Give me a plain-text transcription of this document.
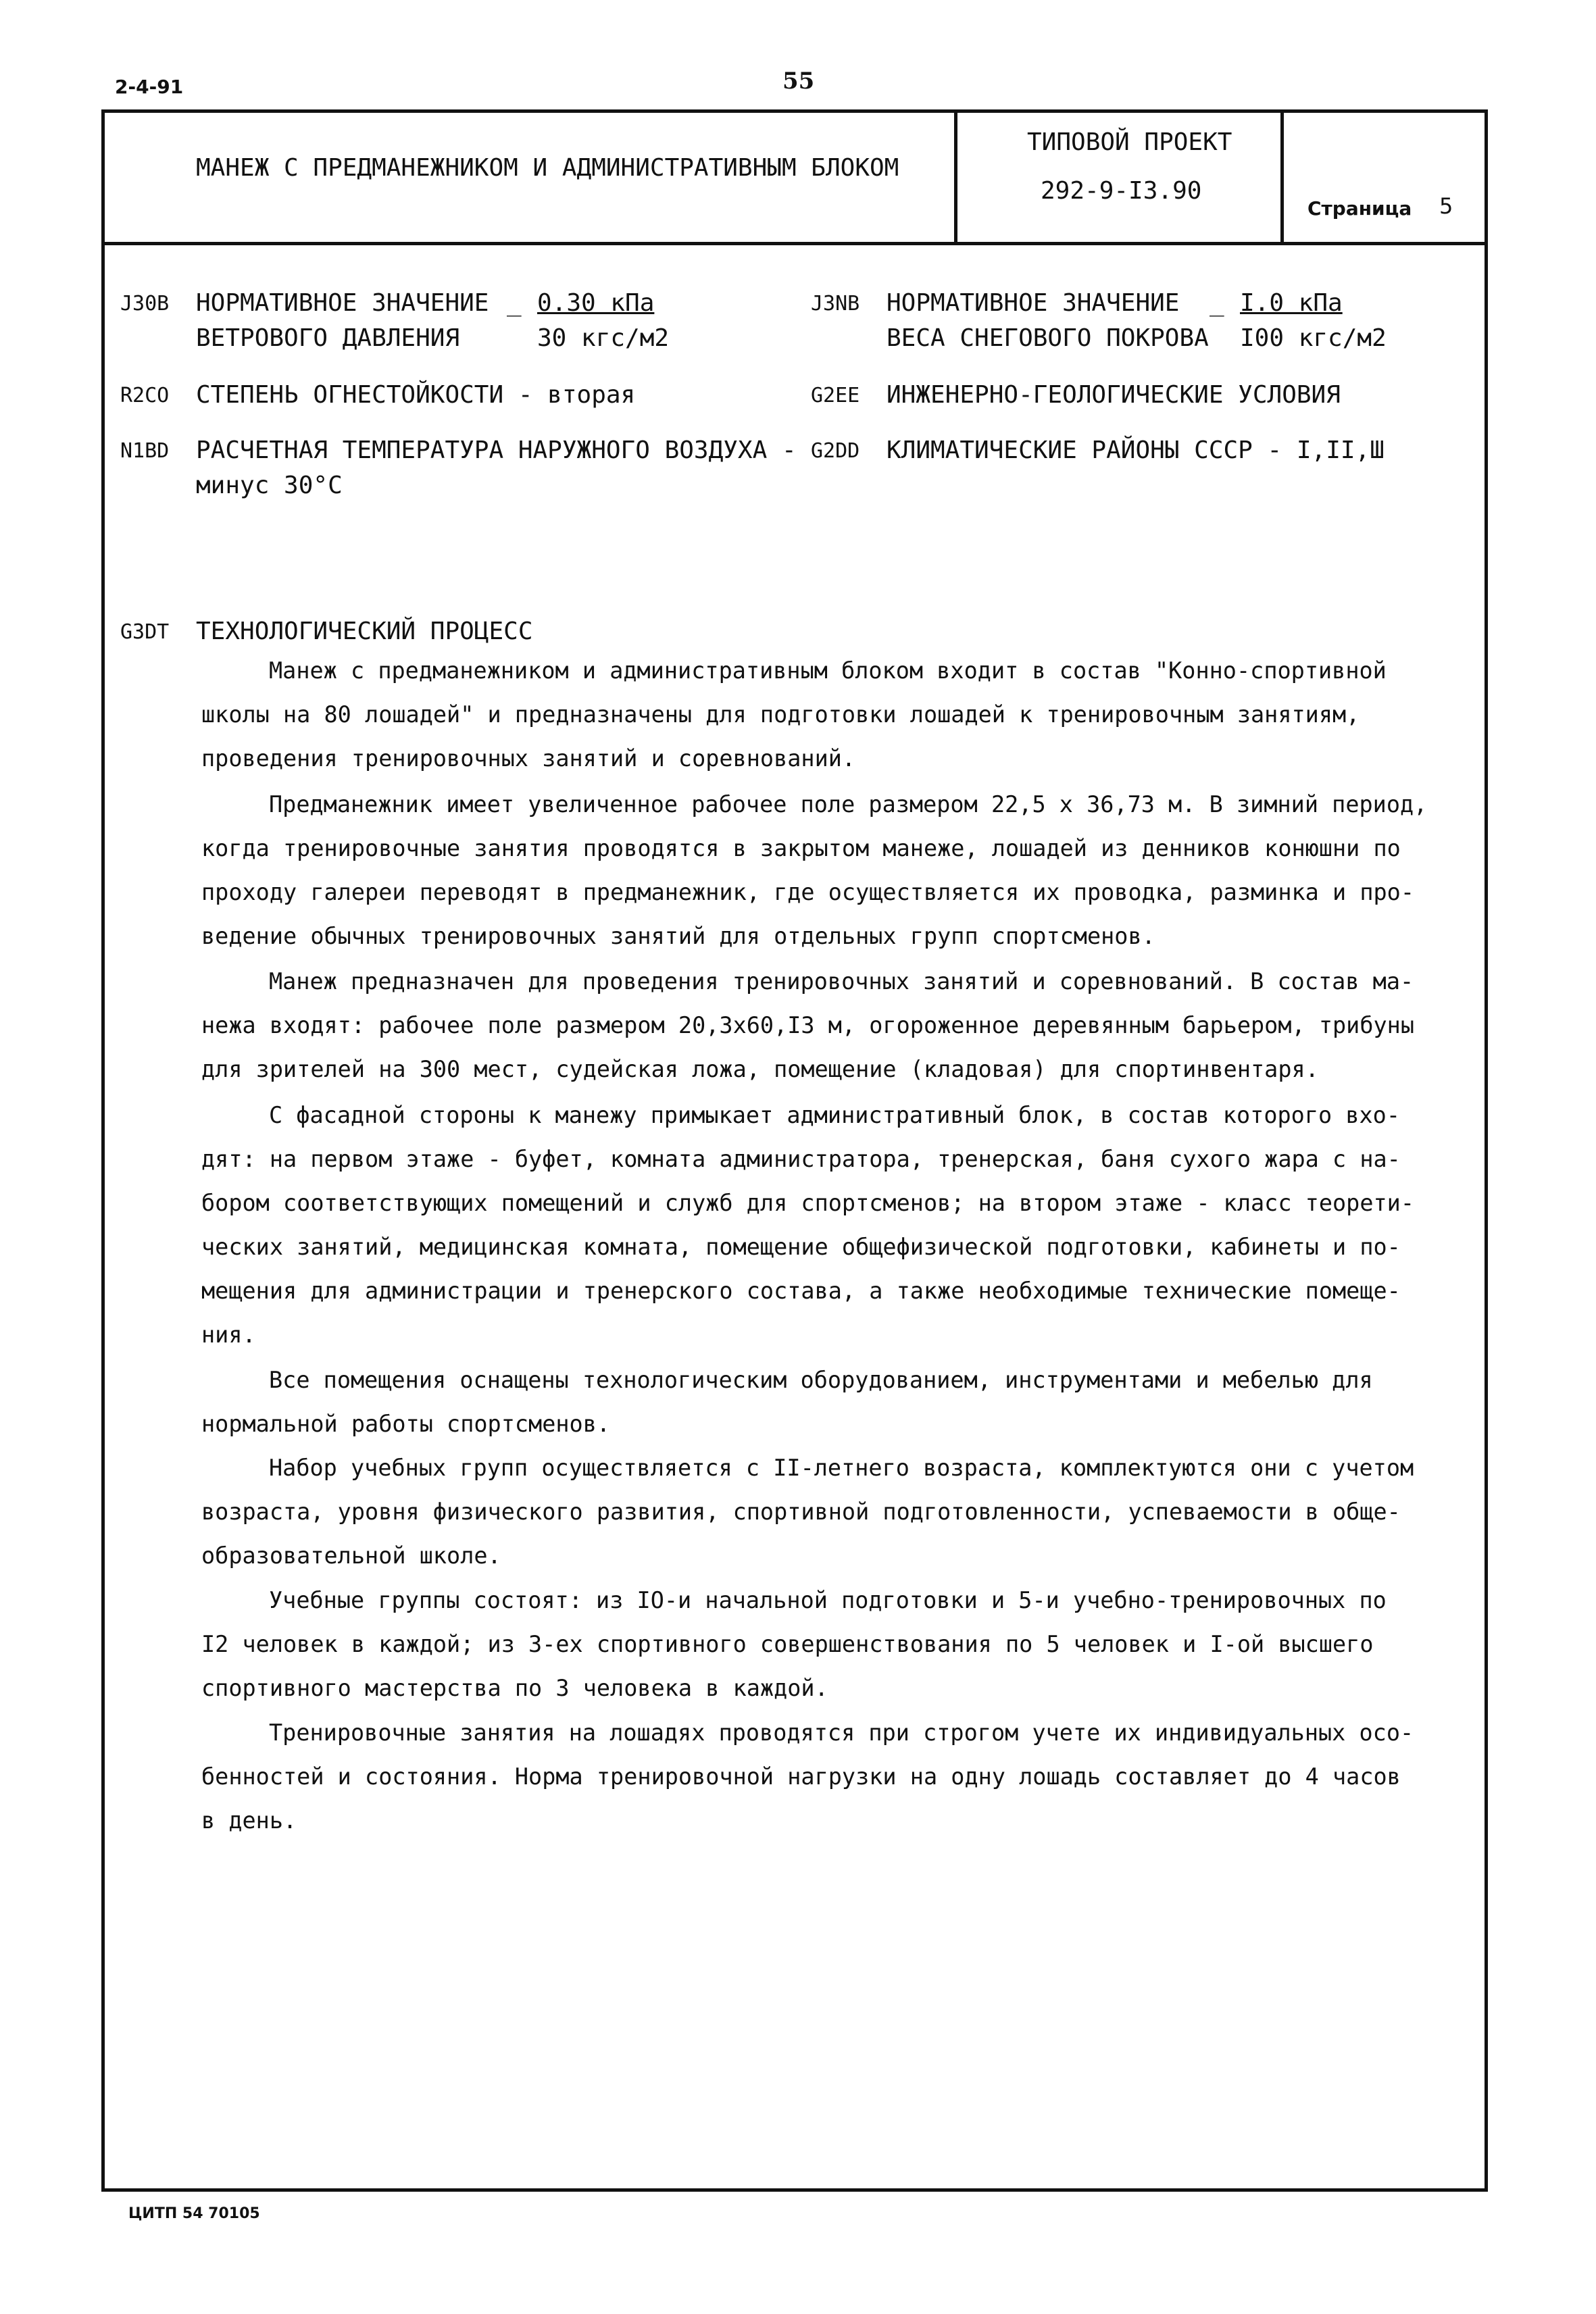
2-4-91	55
МАНЕЖ С ПРЕДМАНЕЖНИКОМ И АДМИНИСТРАТИВНЫМ БЛОКОМ
ТИПОВОЙ ПРОЕКТ
292-9-I3.90
Страница 5
J30B НОРМАТИВНОЕ ЗНАЧЕНИЕ
ВЕТРОВОГО ДАВЛЕНИЯ
_ 0.30 кПа
30 кгс/м2
R2CO СТЕПЕНЬ ОГНЕСТОЙКОСТИ - вторая
N1BD РАСЧЕТНАЯ ТЕМПЕРАТУРА НАРУЖНОГО ВОЗДУХА -
минус 30°C
J3NB НОРМАТИВНОЕ ЗНАЧЕНИЕ
ВЕСА СНЕГОВОГО ПОКРОВА
_ I.0 кПа
I00 кгс/м2
G2EE ИНЖЕНЕРНО-ГЕОЛОГИЧЕСКИЕ УСЛОВИЯ
G2DD КЛИМАТИЧЕСКИЕ РАЙОНЫ СССР - I,II,Ш
G3DT ТЕХНОЛОГИЧЕСКИЙ ПРОЦЕСС
Манеж с предманежником и административным блоком входит в состав "Конно-спортивной
школы на 80 лошадей" и предназначены для подготовки лошадей к тренировочным занятиям,
проведения тренировочных занятий и соревнований.
Предманежник имеет увеличенное рабочее поле размером 22,5 х 36,73 м. В зимний период,
когда тренировочные занятия проводятся в закрытом манеже, лошадей из денников конюшни по
проходу галереи переводят в предманежник, где осуществляется их проводка, разминка и про-
ведение обычных тренировочных занятий для отдельных групп спортсменов.
Манеж предназначен для проведения тренировочных занятий и соревнований. В состав ма-
нежа входят: рабочее поле размером 20,3х60,I3 м, огороженное деревянным барьером, трибуны
для зрителей на 300 мест, судейская ложа, помещение (кладовая) для спортинвентаря.
С фасадной стороны к манежу примыкает административный блок, в состав которого вхо-
дят: на первом этаже - буфет, комната администратора, тренерская, баня сухого жара с на-
бором соответствующих помещений и служб для спортсменов; на втором этаже - класс теорети-
ческих занятий, медицинская комната, помещение общефизической подготовки, кабинеты и по-
мещения для администрации и тренерского состава, а также необходимые технические помеще-
ния.
Все помещения оснащены технологическим оборудованием, инструментами и мебелью для
нормальной работы спортсменов.
Набор учебных групп осуществляется с II-летнего возраста, комплектуются они с учетом
возраста, уровня физического развития, спортивной подготовленности, успеваемости в обще-
образовательной школе.
Учебные группы состоят: из IO-и начальной подготовки и 5-и учебно-тренировочных по
I2 человек в каждой; из 3-ех спортивного совершенствования по 5 человек и I-ой высшего
спортивного мастерства по 3 человека в каждой.
Тренировочные занятия на лошадях проводятся при строгом учете их индивидуальных осо-
бенностей и состояния. Норма тренировочной нагрузки на одну лошадь составляет до 4 часов
в день.
ЦИТП 54 70105
